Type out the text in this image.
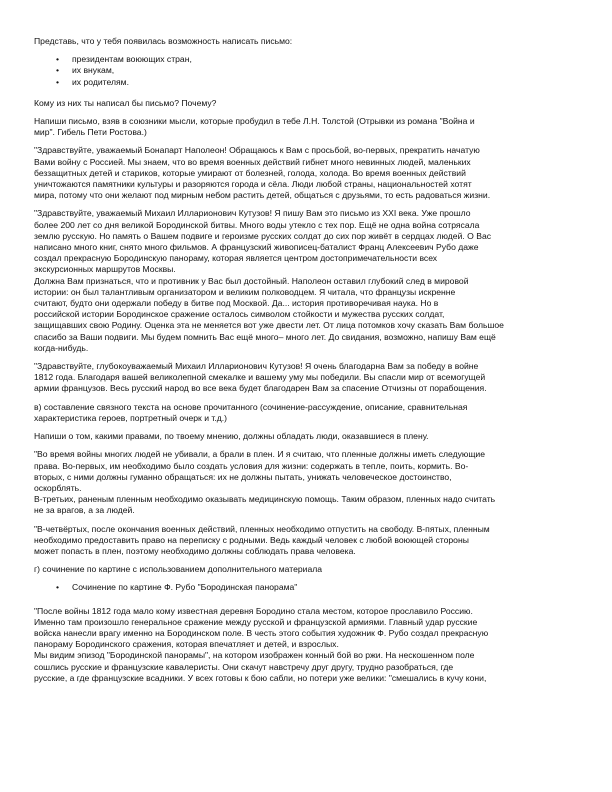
Представь, что у тебя появилась возможность написать письмо:

• президентам воюющих стран,
• их внукам,
• их родителям.

Кому из них ты написал бы письмо? Почему?

Напиши письмо, взяв в союзники мысли, которые пробудил в тебе Л.Н. Толстой (Отрывки из романа "Война и
мир". Гибель Пети Ростова.)

"Здравствуйте, уважаемый Бонапарт Наполеон! Обращаюсь к Вам с просьбой, во-первых, прекратить начатую
Вами войну с Россией. Мы знаем, что во время военных действий гибнет много невинных людей, маленьких
беззащитных детей и стариков, которые умирают от болезней, голода, холода. Во время военных действий
уничтожаются памятники культуры и разоряются города и сёла. Люди любой страны, национальностей хотят
мира, потому что они желают под мирным небом растить детей, общаться с друзьями, то есть радоваться жизни.

"Здравствуйте, уважаемый Михаил Илларионович Кутузов! Я пишу Вам это письмо из XXI века. Уже прошло
более 200 лет со дня великой Бородинской битвы. Много воды утекло с тех пор. Ещё не одна война сотрясала
землю русскую. Но память о Вашем подвиге и героизме русских солдат до сих пор живёт в сердцах людей. О Вас
написано много книг, снято много фильмов. А французский живописец-баталист Франц Алексеевич Рубо даже
создал прекрасную Бородинскую панораму, которая является центром достопримечательности всех
экскурсионных маршрутов Москвы.
Должна Вам признаться, что и противник у Вас был достойный. Наполеон оставил глубокий след в мировой
истории: он был талантливым организатором и великим полководцем. Я читала, что французы искренне
считают, будто они одержали победу в битве под Москвой. Да... история противоречивая наука. Но в
российской истории Бородинское сражение осталось символом стойкости и мужества русских солдат,
защищавших свою Родину. Оценка эта не меняется вот уже двести лет. От лица потомков хочу сказать Вам большое
спасибо за Ваши подвиги. Мы будем помнить Вас ещё много– много лет. До свидания, возможно, напишу Вам ещё
когда-нибудь.

"Здравствуйте, глубокоуважаемый Михаил Илларионович Кутузов! Я очень благодарна Вам за победу в войне
1812 года. Благодаря вашей великолепной смекалке и вашему уму мы победили. Вы спасли мир от всемогущей
армии французов. Весь русский народ во все века будет благодарен Вам за спасение Отчизны от порабощения.

в) составление связного текста на основе прочитанного (сочинение-рассуждение, описание, сравнительная
характеристика героев, портретный очерк и т.д.)

Напиши о том, какими правами, по твоему мнению, должны обладать люди, оказавшиеся в плену.

"Во время войны многих людей не убивали, а брали в плен. И я считаю, что пленные должны иметь следующие
права. Во-первых, им необходимо было создать условия для жизни: содержать в тепле, поить, кормить. Во-
вторых, с ними должны гуманно обращаться: их не должны пытать, унижать человеческое достоинство,
оскорблять.
В-третьих, раненым пленным необходимо оказывать медицинскую помощь. Таким образом, пленных надо считать
не за врагов, а за людей.

"В-четвёртых, после окончания военных действий, пленных необходимо отпустить на свободу. В-пятых, пленным
необходимо предоставить право на переписку с родными. Ведь каждый человек с любой воюющей стороны
может попасть в плен, поэтому необходимо должны соблюдать права человека.

г) сочинение по картине с использованием дополнительного материала

• Сочинение по картине Ф. Рубо "Бородинская панорама"

"После войны 1812 года мало кому известная деревня Бородино стала местом, которое прославило Россию.
Именно там произошло генеральное сражение между русской и французской армиями. Главный удар русские
войска нанесли врагу именно на Бородинском поле. В честь этого события художник Ф. Рубо создал прекрасную
панораму Бородинского сражения, которая впечатляет и детей, и взрослых.
Мы видим эпизод "Бородинской панорамы", на котором изображен конный бой во ржи. На нескошенном поле
сошлись русские и французские кавалеристы. Они скачут навстречу друг другу, трудно разобраться, где
русские, а где французские всадники. У всех готовы к бою сабли, но потери уже велики: "смешались в кучу кони,
